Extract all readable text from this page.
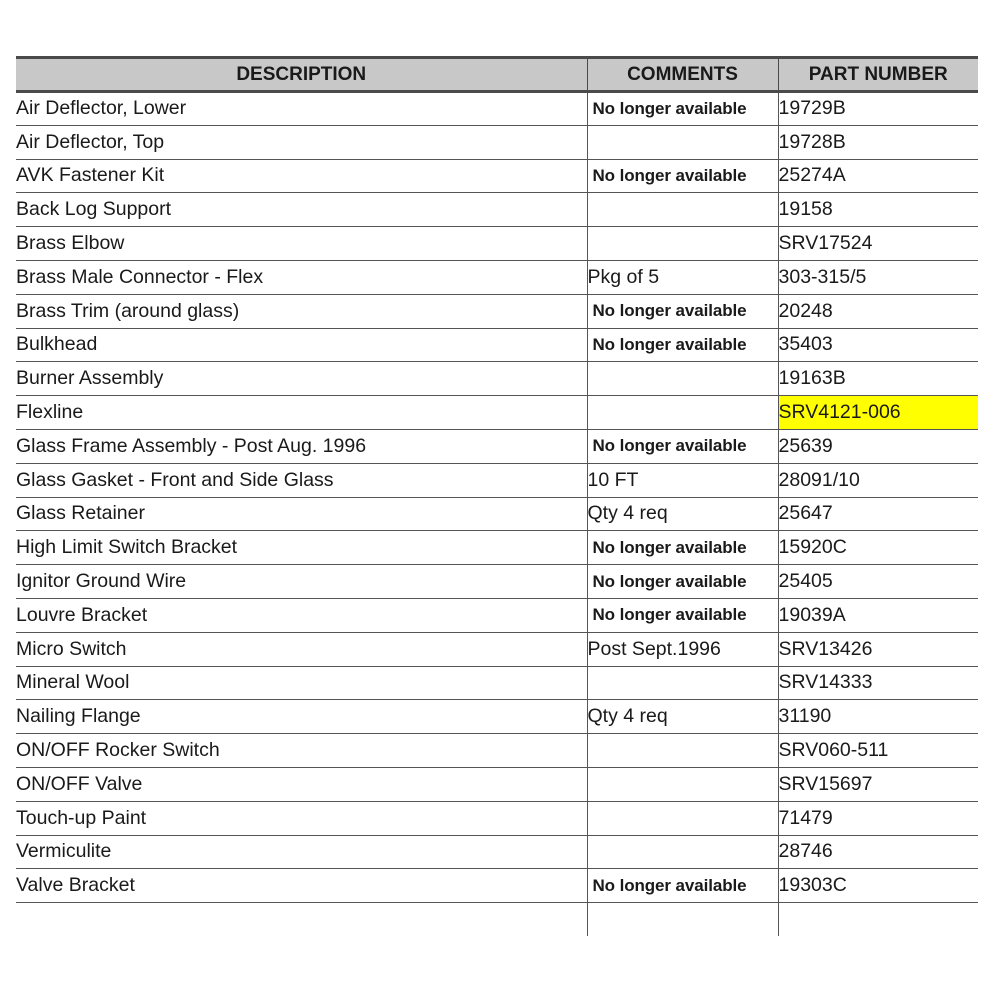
DESCRIPTION	COMMENTS	PART NUMBER
Air Deflector, Lower	No longer available	19729B
Air Deflector, Top		19728B
AVK Fastener Kit	No longer available	25274A
Back Log Support		19158
Brass Elbow		SRV17524
Brass Male Connector - Flex	Pkg of 5	303-315/5
Brass Trim (around glass)	No longer available	20248
Bulkhead	No longer available	35403
Burner Assembly		19163B
Flexline		SRV4121-006
Glass Frame Assembly - Post Aug. 1996	No longer available	25639
Glass Gasket - Front and Side Glass	10 FT	28091/10
Glass Retainer	Qty 4 req	25647
High Limit Switch Bracket	No longer available	15920C
Ignitor Ground Wire	No longer available	25405
Louvre Bracket	No longer available	19039A
Micro Switch	Post Sept.1996	SRV13426
Mineral Wool		SRV14333
Nailing Flange	Qty 4 req	31190
ON/OFF Rocker Switch		SRV060-511
ON/OFF Valve		SRV15697
Touch-up Paint		71479
Vermiculite		28746
Valve Bracket	No longer available	19303C
